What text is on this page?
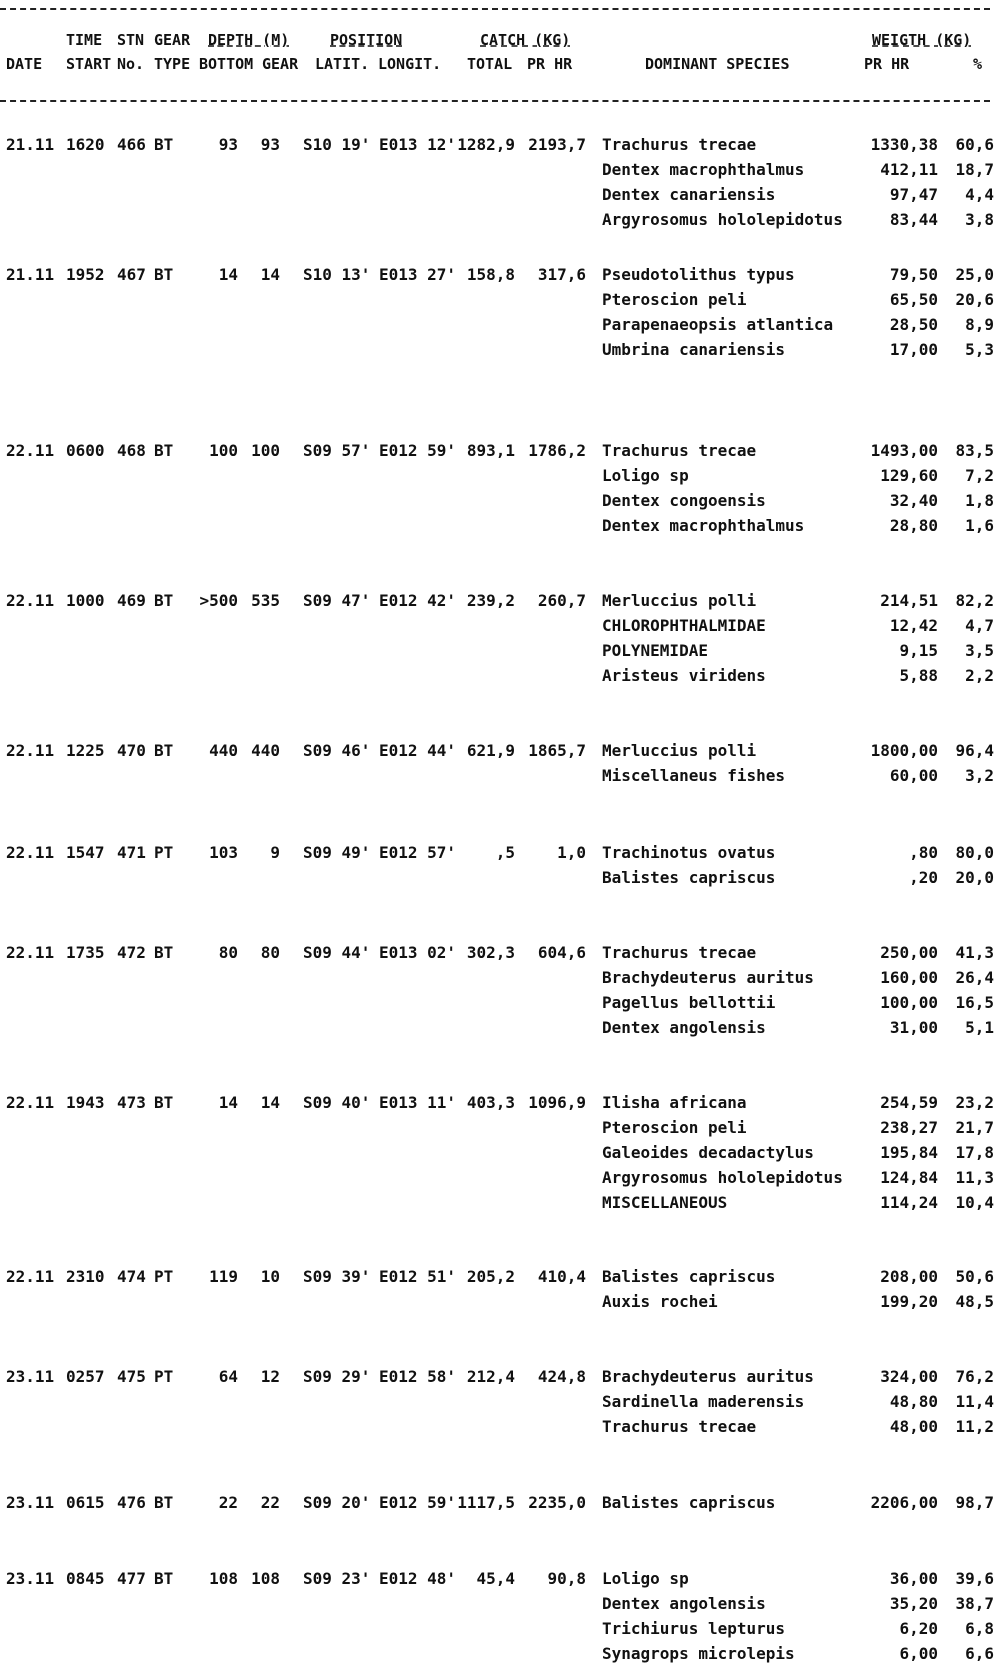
TIME STN GEAR DEPTH (M)	POSITION	CATCH (KG)	WEIGTH (KG)
DATE START No. TYPE BOTTOM GEAR LATIT. LONGIT. TOTAL PR HR	DOMINANT SPECIES	PR HR	%
21.11 1620 466 BT	93	93 S10 19' E013 12' 1282,9 2193,7 Trachurus trecae	1330,38	60,6
Dentex macrophthalmus	412,11	18,7
Dentex canariensis	97,47	4,4
Argyrosomus hololepidotus	83,44	3,8
21.11 1952 467 BT	14	14 S10 13' E013 27' 158,8	317,6 Pseudotolithus typus	79,50	25,0
Pteroscion peli	65,50	20,6
Parapenaeopsis atlantica	28,50	8,9
Umbrina canariensis	17,00	5,3
22.11 0600 468 BT	100 100 S09 57' E012 59' 893,1 1786,2 Trachurus trecae	1493,00	83,5
Loligo sp	129,60	7,2
Dentex congoensis	32,40	1,8
Dentex macrophthalmus	28,80	1,6
22.11 1000 469 BT	>500 535 S09 47' E012 42' 239,2	260,7 Merluccius polli	214,51	82,2
CHLOROPHTHALMIDAE	12,42	4,7
POLYNEMIDAE	9,15	3,5
Aristeus viridens	5,88	2,2
22.11 1225 470 BT	440 440 S09 46' E012 44' 621,9 1865,7 Merluccius polli	1800,00	96,4
Miscellaneus fishes	60,00	3,2
22.11 1547 471 PT	103	9 S09 49' E012 57'	,5	1,0 Trachinotus ovatus	,80	80,0
Balistes capriscus	,20	20,0
22.11 1735 472 BT	80	80 S09 44' E013 02' 302,3	604,6 Trachurus trecae	250,00	41,3
Brachydeuterus auritus	160,00	26,4
Pagellus bellottii	100,00	16,5
Dentex angolensis	31,00	5,1
22.11 1943 473 BT	14	14 S09 40' E013 11' 403,3 1096,9 Ilisha africana	254,59	23,2
Pteroscion peli	238,27	21,7
Galeoides decadactylus	195,84	17,8
Argyrosomus hololepidotus	124,84	11,3
MISCELLANEOUS	114,24	10,4
22.11 2310 474 PT	119	10 S09 39' E012 51' 205,2	410,4 Balistes capriscus	208,00	50,6
Auxis rochei	199,20	48,5
23.11 0257 475 PT	64	12 S09 29' E012 58' 212,4	424,8 Brachydeuterus auritus	324,00	76,2
Sardinella maderensis	48,80	11,4
Trachurus trecae	48,00	11,2
23.11 0615 476 BT	22	22 S09 20' E012 59' 1117,5 2235,0 Balistes capriscus	2206,00	98,7
23.11 0845 477 BT	108 108 S09 23' E012 48'	45,4	90,8 Loligo sp	36,00	39,6
Dentex angolensis	35,20	38,7
Trichiurus lepturus	6,20	6,8
Synagrops microlepis	6,00	6,6
